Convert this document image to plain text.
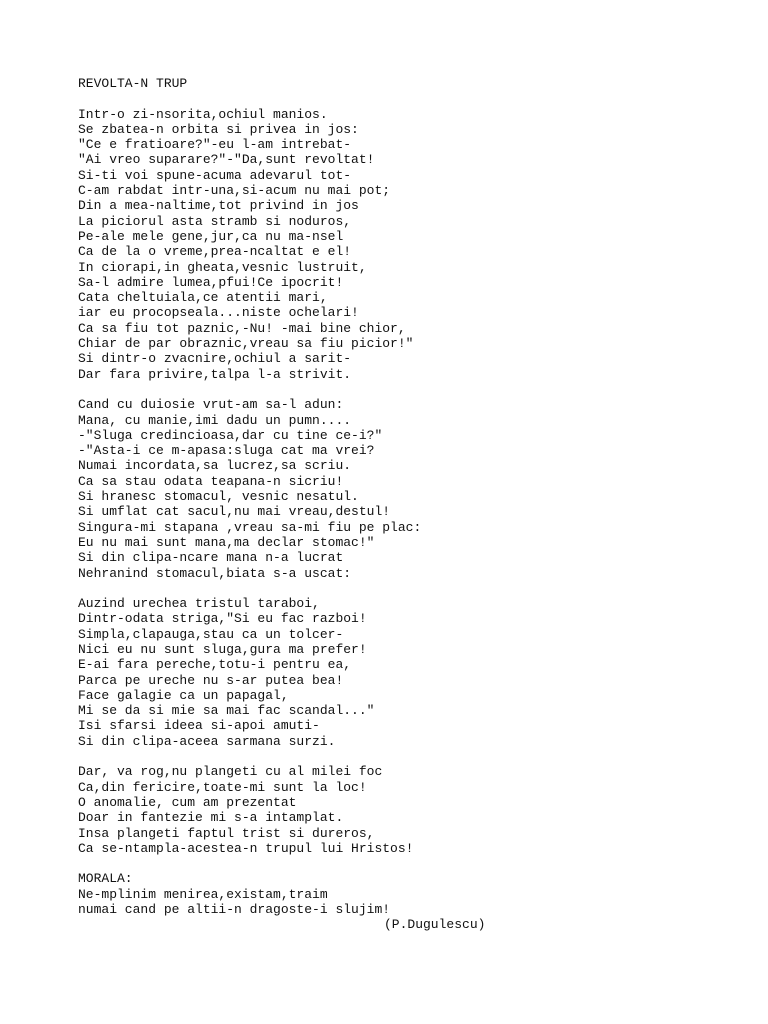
REVOLTA-N TRUP
Intr-o zi-nsorita,ochiul manios.
Se zbatea-n orbita si privea in jos:
"Ce e fratioare?"-eu l-am intrebat-
"Ai vreo suparare?"-"Da,sunt revoltat!
Si-ti voi spune-acuma adevarul tot-
C-am rabdat intr-una,si-acum nu mai pot;
Din a mea-naltime,tot privind in jos
La piciorul asta stramb si noduros,
Pe-ale mele gene,jur,ca nu ma-nsel
Ca de la o vreme,prea-ncaltat e el!
In ciorapi,in gheata,vesnic lustruit,
Sa-l admire lumea,pfui!Ce ipocrit!
Cata cheltuiala,ce atentii mari,
iar eu procopseala...niste ochelari!
Ca sa fiu tot paznic,-Nu! -mai bine chior,
Chiar de par obraznic,vreau sa fiu picior!"
Si dintr-o zvacnire,ochiul a sarit-
Dar fara privire,talpa l-a strivit.
Cand cu duiosie vrut-am sa-l adun:
Mana, cu manie,imi dadu un pumn....
-"Sluga credincioasa,dar cu tine ce-i?"
-"Asta-i ce m-apasa:sluga cat ma vrei?
Numai incordata,sa lucrez,sa scriu.
Ca sa stau odata teapana-n sicriu!
Si hranesc stomacul, vesnic nesatul.
Si umflat cat sacul,nu mai vreau,destul!
Singura-mi stapana ,vreau sa-mi fiu pe plac:
Eu nu mai sunt mana,ma declar stomac!"
Si din clipa-ncare mana n-a lucrat
Nehranind stomacul,biata s-a uscat:
Auzind urechea tristul taraboi,
Dintr-odata striga,"Si eu fac razboi!
Simpla,clapauga,stau ca un tolcer-
Nici eu nu sunt sluga,gura ma prefer!
E-ai fara pereche,totu-i pentru ea,
Parca pe ureche nu s-ar putea bea!
Face galagie ca un papagal,
Mi se da si mie sa mai fac scandal..."
Isi sfarsi ideea si-apoi amuti-
Si din clipa-aceea sarmana surzi.
Dar, va rog,nu plangeti cu al milei foc
Ca,din fericire,toate-mi sunt la loc!
O anomalie, cum am prezentat
Doar in fantezie mi s-a intamplat.
Insa plangeti faptul trist si dureros,
Ca se-ntampla-acestea-n trupul lui Hristos!
MORALA:
Ne-mplinim menirea,existam,traim
numai cand pe altii-n dragoste-i slujim!
(P.Dugulescu)
